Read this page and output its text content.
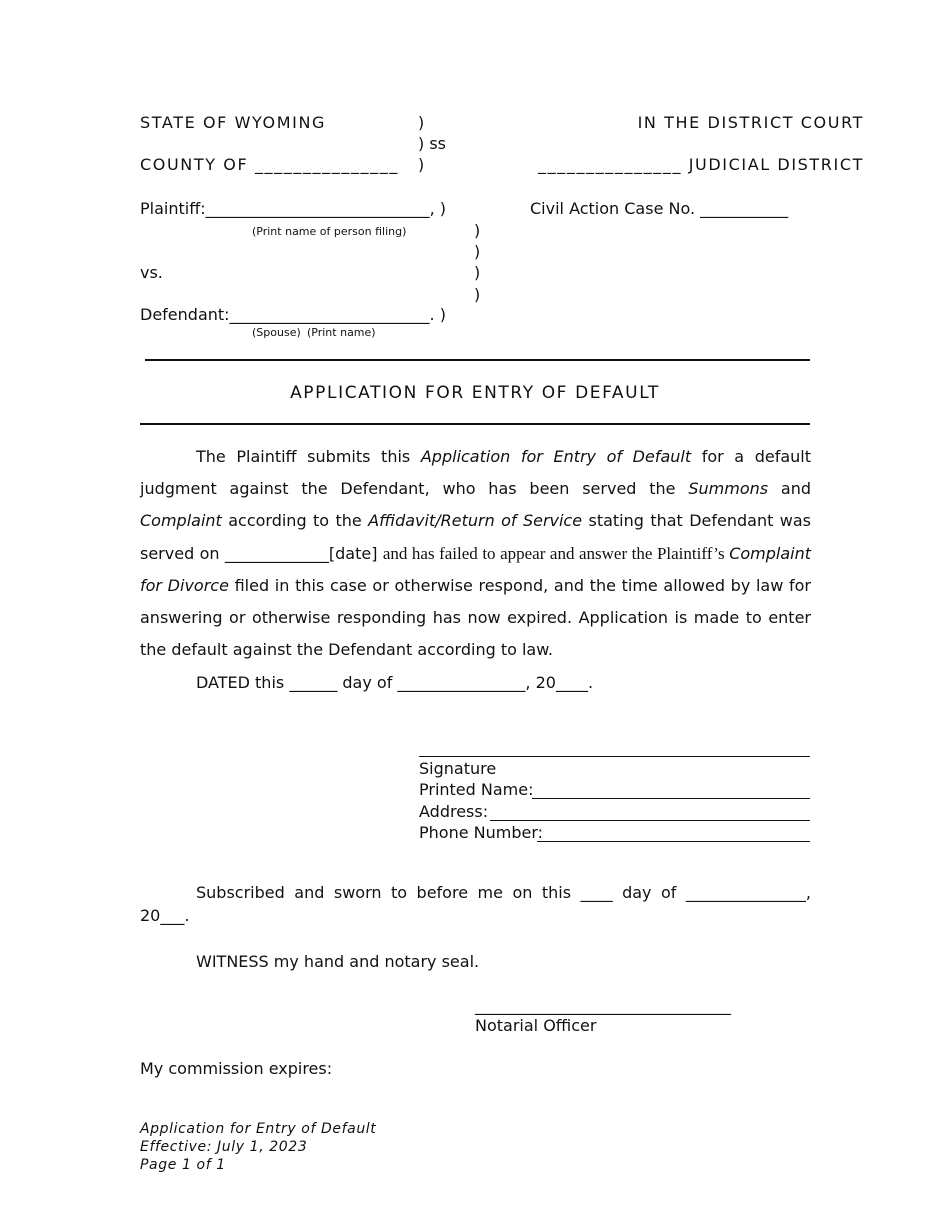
STATE OF WYOMING	)
) ss
)
COUNTY OF _______________
IN THE DISTRICT COURT
_______________ JUDICIAL DISTRICT
Plaintiff:____________________________, )
(Print name of person filing)
Civil Action Case No. ___________
)
)
vs.	)
)
Defendant:_________________________. )
(Spouse) (Print name)
APPLICATION FOR ENTRY OF DEFAULT
The Plaintiff submits this Application for Entry of Default for a default judgment against the Defendant, who has been served the Summons and Complaint according to the Affidavit/Return of Service stating that Defendant was served on _____________[date] and has failed to appear and answer the Plaintiff’s Complaint for Divorce filed in this case or otherwise respond, and the time allowed by law for answering or otherwise responding has now expired. Application is made to enter the default against the Defendant according to law.
DATED this ______ day of ________________, 20____.
Signature
Printed Name:
Address:
Phone Number:
Subscribed and sworn to before me on this ____ day of _______________, 20___.
WITNESS my hand and notary seal.
________________________________
Notarial Officer
My commission expires:
Application for Entry of Default
Effective: July 1, 2023
Page 1 of 1
